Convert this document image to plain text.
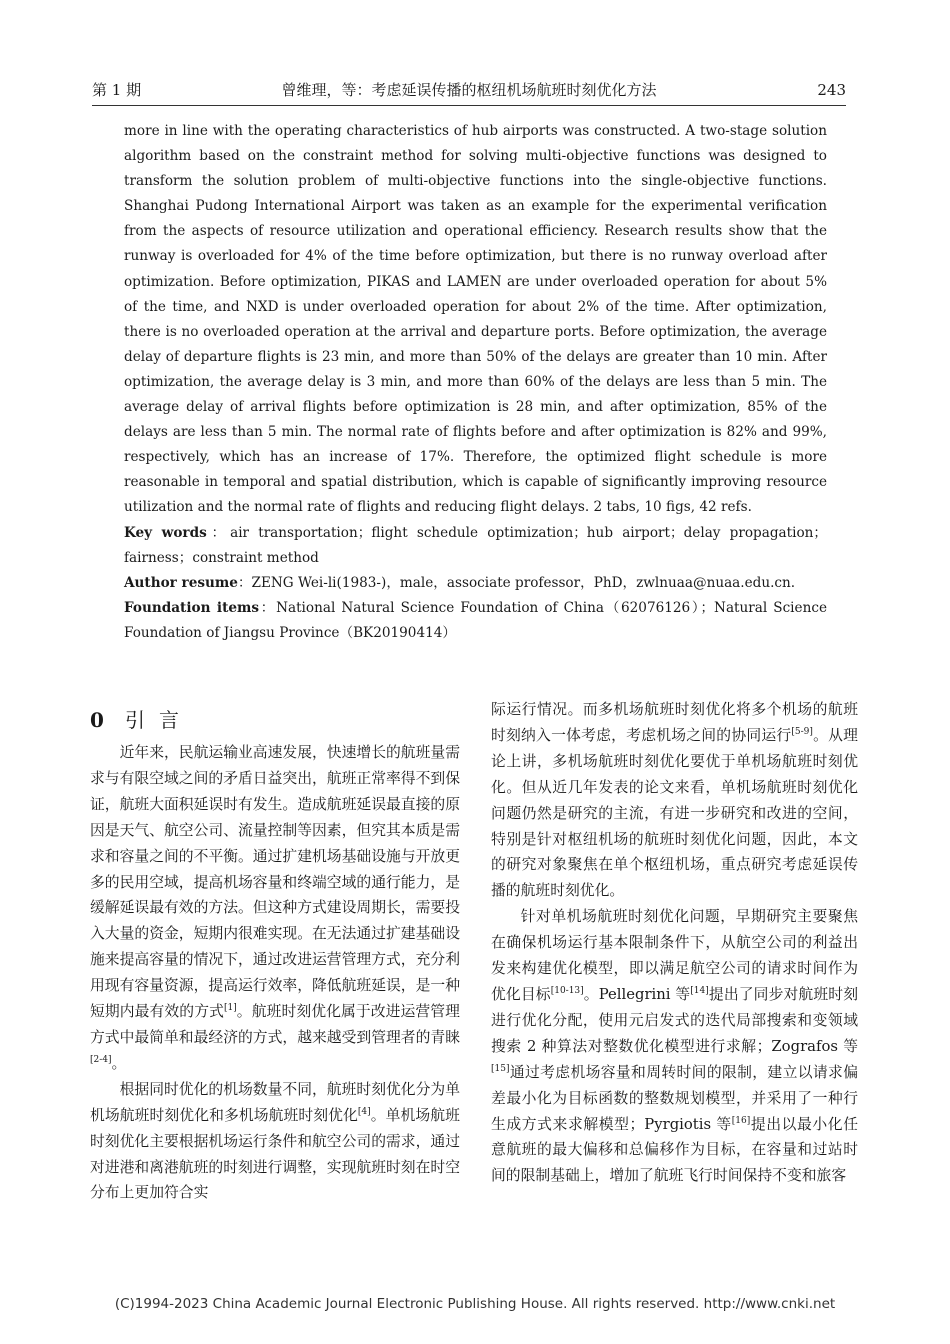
第 1 期	曾维理，等：考虑延误传播的枢纽机场航班时刻优化方法	243

more in line with the operating characteristics of hub airports was constructed. A two-stage solution algorithm based on the constraint method for solving multi-objective functions was designed to transform the solution problem of multi-objective functions into the single-objective functions. Shanghai Pudong International Airport was taken as an example for the experimental verification from the aspects of resource utilization and operational efficiency. Research results show that the runway is overloaded for 4% of the time before optimization, but there is no runway overload after optimization. Before optimization, PIKAS and LAMEN are under overloaded operation for about 5% of the time, and NXD is under overloaded operation for about 2% of the time. After optimization, there is no overloaded operation at the arrival and departure ports. Before optimization, the average delay of departure flights is 23 min, and more than 50% of the delays are greater than 10 min. After optimization, the average delay is 3 min, and more than 60% of the delays are less than 5 min. The average delay of arrival flights before optimization is 28 min, and after optimization, 85% of the delays are less than 5 min. The normal rate of flights before and after optimization is 82% and 99%, respectively, which has an increase of 17%. Therefore, the optimized flight schedule is more reasonable in temporal and spatial distribution, which is capable of significantly improving resource utilization and the normal rate of flights and reducing flight delays. 2 tabs, 10 figs, 42 refs.

Key words：air transportation；flight schedule optimization；hub airport；delay propagation；fairness；constraint method

Author resume：ZENG Wei-li(1983-)，male，associate professor，PhD，zwlnuaa@nuaa.edu.cn.

Foundation items：National Natural Science Foundation of China（62076126）；Natural Science Foundation of Jiangsu Province（BK20190414）

0 引言

近年来，民航运输业高速发展，快速增长的航班量需求与有限空域之间的矛盾日益突出，航班正常率得不到保证，航班大面积延误时有发生。造成航班延误最直接的原因是天气、航空公司、流量控制等因素，但究其本质是需求和容量之间的不平衡。通过扩建机场基础设施与开放更多的民用空域，提高机场容量和终端空域的通行能力，是缓解延误最有效的方法。但这种方式建设周期长，需要投入大量的资金，短期内很难实现。在无法通过扩建基础设施来提高容量的情况下，通过改进运营管理方式，充分利用现有容量资源，提高运行效率，降低航班延误，是一种短期内最有效的方式[1]。航班时刻优化属于改进运营管理方式中最简单和最经济的方式，越来越受到管理者的青睐[2-4]。

根据同时优化的机场数量不同，航班时刻优化分为单机场航班时刻优化和多机场航班时刻优化[4]。单机场航班时刻优化主要根据机场运行条件和航空公司的需求，通过对进港和离港航班的时刻进行调整，实现航班时刻在时空分布上更加符合实

际运行情况。而多机场航班时刻优化将多个机场的航班时刻纳入一体考虑，考虑机场之间的协同运行[5-9]。从理论上讲，多机场航班时刻优化要优于单机场航班时刻优化。但从近几年发表的论文来看，单机场航班时刻优化问题仍然是研究的主流，有进一步研究和改进的空间，特别是针对枢纽机场的航班时刻优化问题，因此，本文的研究对象聚焦在单个枢纽机场，重点研究考虑延误传播的航班时刻优化。

针对单机场航班时刻优化问题，早期研究主要聚焦在确保机场运行基本限制条件下，从航空公司的利益出发来构建优化模型，即以满足航空公司的请求时间作为优化目标[10-13]。Pellegrini 等[14]提出了同步对航班时刻进行优化分配，使用元启发式的迭代局部搜索和变领域搜索 2 种算法对整数优化模型进行求解；Zografos 等[15]通过考虑机场容量和周转时间的限制，建立以请求偏差最小化为目标函数的整数规划模型，并采用了一种行生成方式来求解模型；Pyrgiotis 等[16]提出以最小化任意航班的最大偏移和总偏移作为目标，在容量和过站时间的限制基础上，增加了航班飞行时间保持不变和旅客

(C)1994-2023 China Academic Journal Electronic Publishing House. All rights reserved. http://www.cnki.net
